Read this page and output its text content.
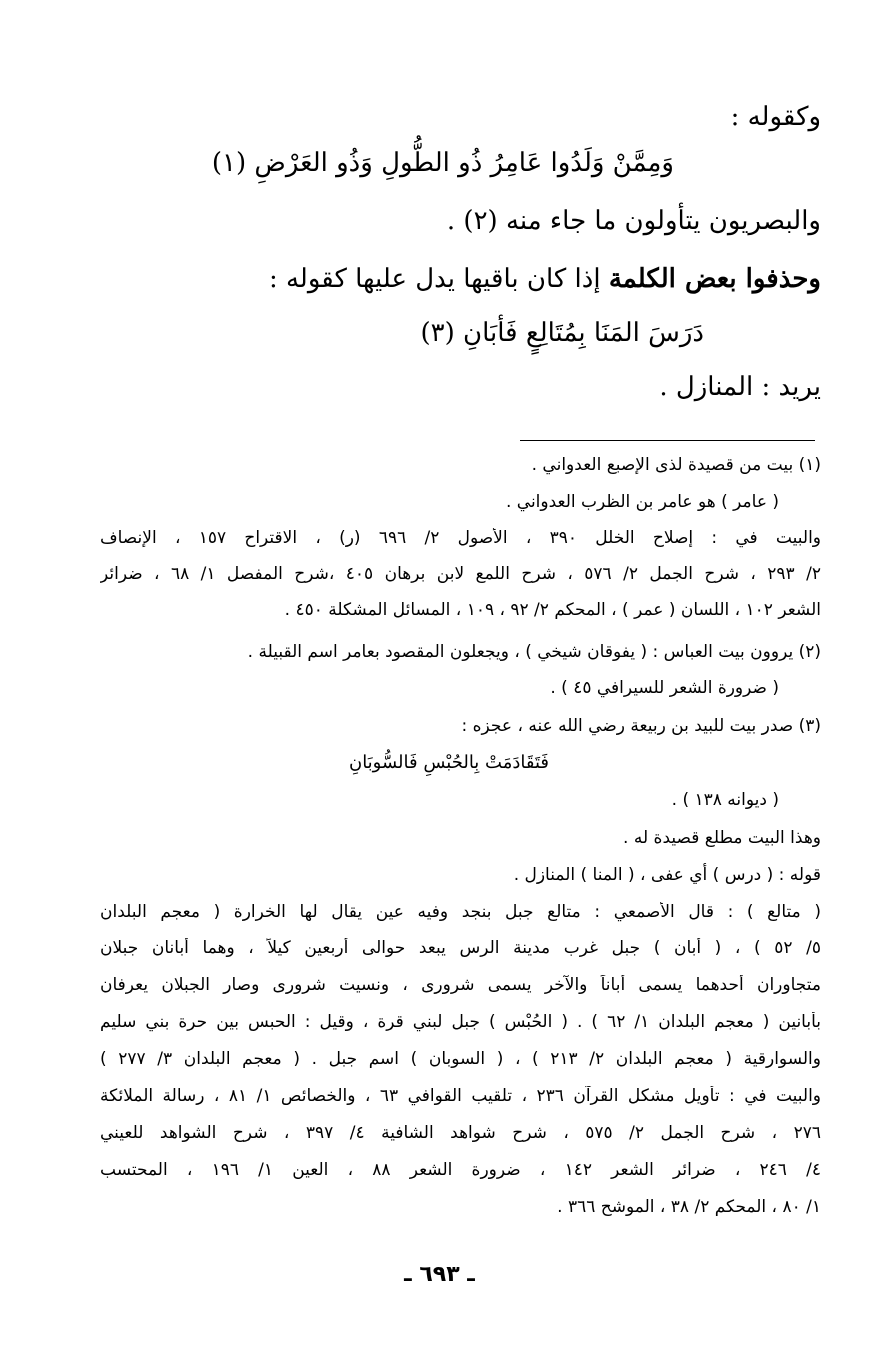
وكقوله :
وَمِمَّنْ وَلَدُوا عَامِرُ ذُو الطُّولِ وَذُو العَرْضِ (١)
والبصريون يتأولون ما جاء منه (٢) .
وحذفوا بعض الكلمة إذا كان باقيها يدل عليها كقوله :
دَرَسَ المَنَا بِمُتَالِعٍ فَأبَانِ (٣)
يريد : المنازل .
(١) بيت من قصيدة لذى الإصبع العدواني .
( عامر ) هو عامر بن الظرب العدواني .
والبيت في : إصلاح الخلل ٣٩٠ ، الأصول ٢/ ٦٩٦ (ر) ، الاقتراح ١٥٧ ، الإنصاف
٢/ ٢٩٣ ، شرح الجمل ٢/ ٥٧٦ ، شرح اللمع لابن برهان ٤٠٥ ،شرح المفصل ١/ ٦٨ ، ضرائر
الشعر ١٠٢ ، اللسان ( عمر ) ، المحكم ٢/ ٩٢ ، ١٠٩ ، المسائل المشكلة ٤٥٠ .
(٢) يروون بيت العباس : ( يفوقان شيخي ) ، ويجعلون المقصود بعامر اسم القبيلة .
( ضرورة الشعر للسيرافي ٤٥ ) .
(٣) صدر بيت للبيد بن ربيعة رضي الله عنه ، عجزه :
فَتَقَادَمَتْ بِالحُبْسِ فَالسُّوبَانِ
( ديوانه ١٣٨ ) .
وهذا البيت مطلع قصيدة له .
قوله : ( درس ) أي عفى ، ( المنا ) المنازل .
( متالع ) : قال الأصمعي : متالع جبل بنجد وفيه عين يقال لها الخرارة ( معجم البلدان
٥/ ٥٢ ) ، ( أبان ) جبل غرب مدينة الرس يبعد حوالى أربعين كيلاً ، وهما أبانان جبلان
متجاوران أحدهما يسمى أباناً والآخر يسمى شرورى ، ونسيت شرورى وصار الجبلان يعرفان
بأبانين ( معجم البلدان ١/ ٦٢ ) . ( الحُبْس ) جبل لبني قرة ، وقيل : الحبس بين حرة بني سليم
والسوارقية ( معجم البلدان ٢/ ٢١٣ ) ، ( السوبان ) اسم جبل . ( معجم البلدان ٣/ ٢٧٧ )
والبيت في : تأويل مشكل القرآن ٢٣٦ ، تلقيب القوافي ٦٣ ، والخصائص ١/ ٨١ ، رسالة الملائكة
٢٧٦ ، شرح الجمل ٢/ ٥٧٥ ، شرح شواهد الشافية ٤/ ٣٩٧ ، شرح الشواهد للعيني
٤/ ٢٤٦ ، ضرائر الشعر ١٤٢ ، ضرورة الشعر ٨٨ ، العين ١/ ١٩٦ ، المحتسب
١/ ٨٠ ، المحكم ٢/ ٣٨ ، الموشح ٣٦٦ .
ـ ٦٩٣ ـ
